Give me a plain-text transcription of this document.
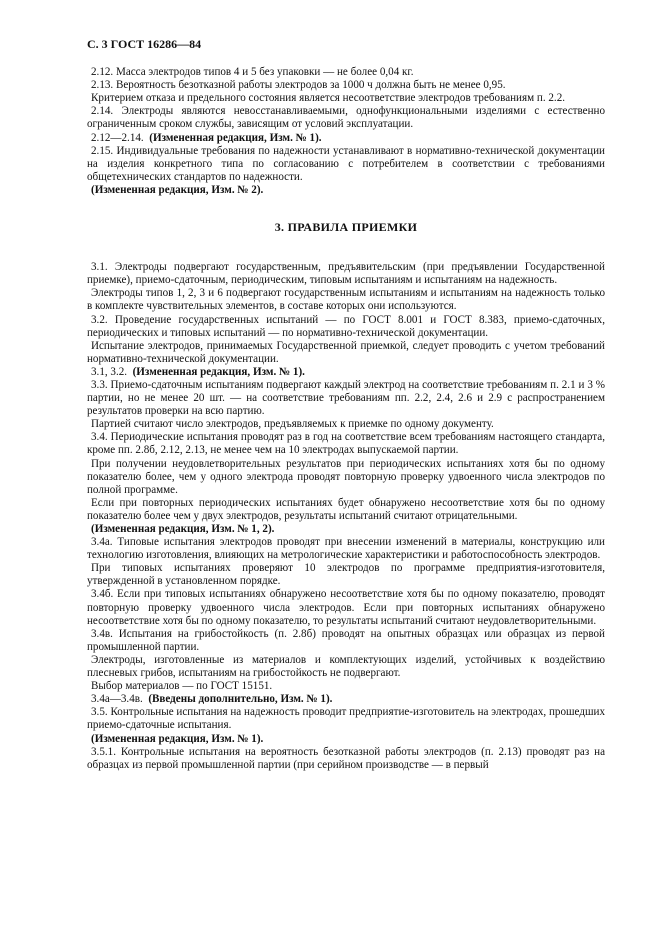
С. 3 ГОСТ 16286—84

2.12. Масса электродов типов 4 и 5 без упаковки — не более 0,04 кг.

2.13. Вероятность безотказной работы электродов за 1000 ч должна быть не менее 0,95.

Критерием отказа и предельного состояния является несоответствие электродов требованиям п. 2.2.

2.14. Электроды являются невосстанавливаемыми, однофункциональными изделиями с естественно ограниченным сроком службы, зависящим от условий эксплуатации.

2.12—2.14.  (Измененная редакция, Изм. № 1).

2.15. Индивидуальные требования по надежности устанавливают в нормативно-технической документации на изделия конкретного типа по согласованию с потребителем в соответствии с требованиями общетехнических стандартов по надежности.

(Измененная редакция, Изм. № 2).

3. ПРАВИЛА ПРИЕМКИ

3.1. Электроды подвергают государственным, предъявительским (при предъявлении Государственной приемке), приемо-сдаточным, периодическим, типовым испытаниям и испытаниям на надежность.

Электроды типов 1, 2, 3 и 6 подвергают государственным испытаниям и испытаниям на надежность только в комплекте чувствительных элементов, в составе которых они используются.

3.2. Проведение государственных испытаний — по ГОСТ 8.001 и ГОСТ 8.383, приемо-сдаточных, периодических и типовых испытаний — по нормативно-технической документации.

Испытание электродов, принимаемых Государственной приемкой, следует проводить с учетом требований нормативно-технической документации.

3.1, 3.2.  (Измененная редакция, Изм. № 1).

3.3. Приемо-сдаточным испытаниям подвергают каждый электрод на соответствие требованиям п. 2.1 и 3 % партии, но не менее 20 шт. — на соответствие требованиям пп. 2.2, 2.4, 2.6 и 2.9 с распространением результатов проверки на всю партию.

Партией считают число электродов, предъявляемых к приемке по одному документу.

3.4. Периодические испытания проводят раз в год на соответствие всем требованиям настоящего стандарта, кроме пп. 2.8б, 2.12, 2.13, не менее чем на 10 электродах выпускаемой партии.

При получении неудовлетворительных результатов при периодических испытаниях хотя бы по одному показателю более, чем у одного электрода проводят повторную проверку удвоенного числа электродов по полной программе.

Если при повторных периодических испытаниях будет обнаружено несоответствие хотя бы по одному показателю более чем у двух электродов, результаты испытаний считают отрицательными.

(Измененная редакция, Изм. № 1, 2).

3.4а. Типовые испытания электродов проводят при внесении изменений в материалы, конструкцию или технологию изготовления, влияющих на метрологические характеристики и работоспособность электродов.

При типовых испытаниях проверяют 10 электродов по программе предприятия-изготовителя, утвержденной в установленном порядке.

3.4б. Если при типовых испытаниях обнаружено несоответствие хотя бы по одному показателю, проводят повторную проверку удвоенного числа электродов. Если при повторных испытаниях обнаружено несоответствие хотя бы по одному показателю, то результаты испытаний считают неудовлетворительными.

3.4в. Испытания на грибостойкость (п. 2.8б) проводят на опытных образцах или образцах из первой промышленной партии.

Электроды, изготовленные из материалов и комплектующих изделий, устойчивых к воздействию плесневых грибов, испытаниям на грибостойкость не подвергают.

Выбор материалов — по ГОСТ 15151.

3.4а—3.4в.  (Введены дополнительно, Изм. № 1).

3.5. Контрольные испытания на надежность проводит предприятие-изготовитель на электродах, прошедших приемо-сдаточные испытания.

(Измененная редакция, Изм. № 1).

3.5.1. Контрольные испытания на вероятность безотказной работы электродов (п. 2.13) проводят раз на образцах из первой промышленной партии (при серийном производстве — в первый
